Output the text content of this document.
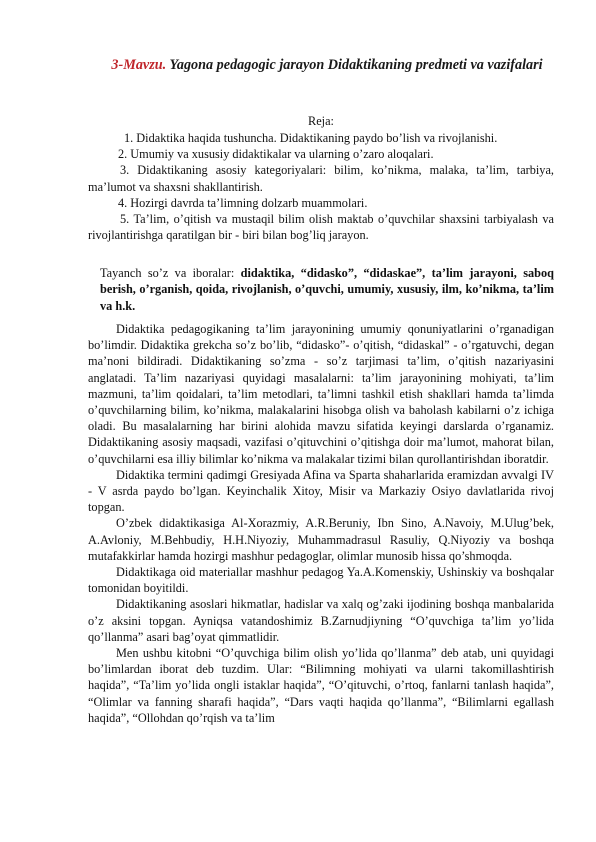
3-Mavzu. Yagona pedagogic jarayon Didaktikaning predmeti va vazifalari
Reja:

1. Didaktika haqida tushuncha. Didaktikaning paydo bo’lish va rivojlanishi.

2. Umumiy va xususiy didaktikalar va ularning o’zaro aloqalari.

3. Didaktikaning asosiy kategoriyalari: bilim, ko’nikma, malaka, ta’lim, tarbiya, ma’lumot va shaxsni shakllantirish.

4. Hozirgi davrda ta’limning dolzarb muammolari.

5. Ta’lim, o’qitish va mustaqil bilim olish maktab o’quvchilar shaxsini tarbiyalash va rivojlantirishga qaratilgan bir - biri bilan bog’liq jarayon.

Tayanch so’z va iboralar: didaktika, “didasko”, “didaskae”, ta’lim jarayoni, saboq berish, o’rganish, qoida, rivojlanish, o’quvchi, umumiy, xususiy, ilm, ko’nikma, ta’lim va h.k.

Didaktika pedagogikaning ta’lim jarayonining umumiy qonuniyatlarini o’rganadigan bo’limdir. Didaktika grekcha so’z bo’lib, “didasko”- o’qitish, “didaskal” - o’rgatuvchi, degan ma’noni bildiradi. Didaktikaning so’zma - so’z tarjimasi ta’lim, o’qitish nazariyasini anglatadi. Ta’lim nazariyasi quyidagi masalalarni: ta’lim jarayonining mohiyati, ta’lim mazmuni, ta’lim qoidalari, ta’lim metodlari, ta’limni tashkil etish shakllari hamda ta’limda o’quvchilarning bilim, ko’nikma, malakalarini hisobga olish va baholash kabilarni o’z ichiga oladi. Bu masalalarning har birini alohida mavzu sifatida keyingi darslarda o’rganamiz. Didaktikaning asosiy maqsadi, vazifasi o’qituvchini o’qitishga doir ma’lumot, mahorat bilan, o’quvchilarni esa illiy bilimlar ko’nikma va malakalar tizimi bilan qurollantirishdan iboratdir.

Didaktika termini qadimgi Gresiyada Afina va Sparta shaharlarida eramizdan avvalgi IV - V asrda paydo bo’lgan. Keyinchalik Xitoy, Misir va Markaziy Osiyo davlatlarida rivoj topgan.

O’zbek didaktikasiga Al-Xorazmiy, A.R.Beruniy, Ibn Sino, A.Navoiy, M.Ulug’bek, A.Avloniy, M.Behbudiy, H.H.Niyoziy, Muhammadrasul Rasuliy, Q.Niyoziy va boshqa mutafakkirlar hamda hozirgi mashhur pedagoglar, olimlar munosib hissa qo’shmoqda.

Didaktikaga oid materiallar mashhur pedagog Ya.A.Komenskiy, Ushinskiy va boshqalar tomonidan boyitildi.

Didaktikaning asoslari hikmatlar, hadislar va xalq og’zaki ijodining boshqa manbalarida o’z aksini topgan. Ayniqsa vatandoshimiz B.Zarnudjiyning “O’quvchiga ta’lim yo’lida qo’llanma” asari bag’oyat qimmatlidir.

Men ushbu kitobni “O’quvchiga bilim olish yo’lida qo’llanma” deb atab, uni quyidagi bo’limlardan iborat deb tuzdim. Ular: “Bilimning mohiyati va ularni takomillashtirish haqida”, “Ta’lim yo’lida ongli istaklar haqida”, “O’qituvchi, o’rtoq, fanlarni tanlash haqida”, “Olimlar va fanning sharafi haqida”, “Dars vaqti haqida qo’llanma”, “Bilimlarni egallash haqida”, “Ollohdan qo’rqish va ta’lim
